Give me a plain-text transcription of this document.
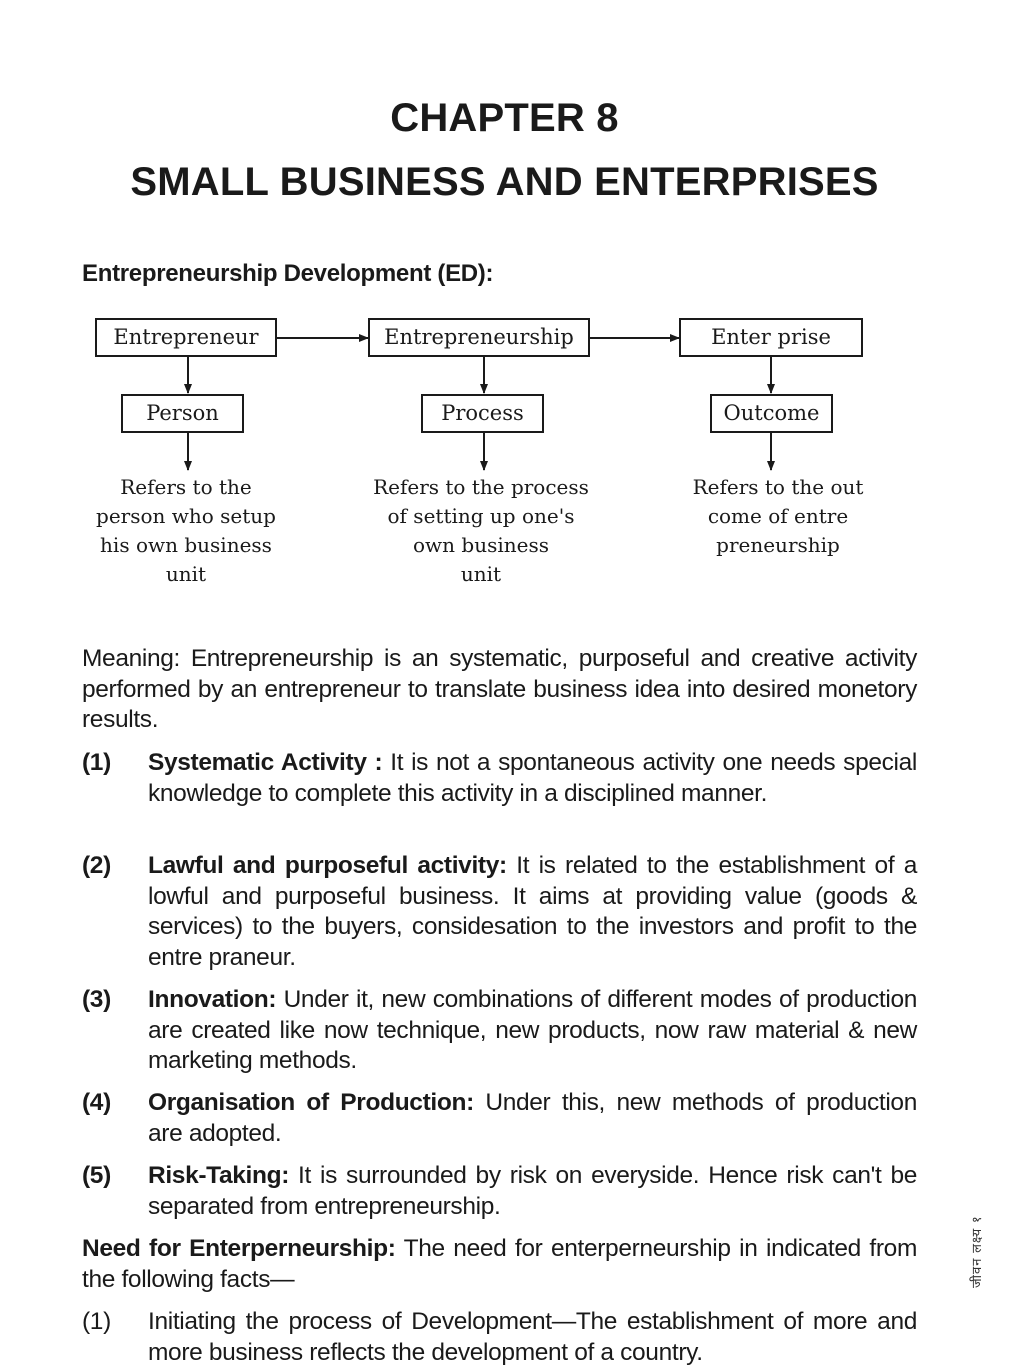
CHAPTER 8
SMALL BUSINESS AND ENTERPRISES
Entrepreneurship Development (ED):
Entrepreneur	Entrepreneurship	Enter prise
Person	Process	Outcome
Refers to the
person who setup
his own business
unit
Refers to the process
of setting up one's
own business
unit
Refers to the out
come of entre
preneurship
Meaning: Entrepreneurship is an systematic, purposeful and creative activity performed by an entrepreneur to translate business idea into desired monetory results.
(1) Systematic Activity : It is not a spontaneous activity one needs special knowledge to complete this activity in a disciplined manner.
(2) Lawful and purposeful activity: It is related to the establishment of a lowful and purposeful business. It aims at providing value (goods & services) to the buyers, considesation to the investors and profit to the entre praneur.
(3) Innovation: Under it, new combinations of different modes of production are created like now technique, new products, now raw material & new marketing methods.
(4) Organisation of Production: Under this, new methods of production are adopted.
(5) Risk-Taking: It is surrounded by risk on everyside. Hence risk can't be separated from entrepreneurship.
Need for Enterperneurship: The need for enterperneurship in indicated from the following facts—
(1) Initiating the process of Development—The establishment of more and more business reflects the development of a country.
जीवन लक्ष्य १
